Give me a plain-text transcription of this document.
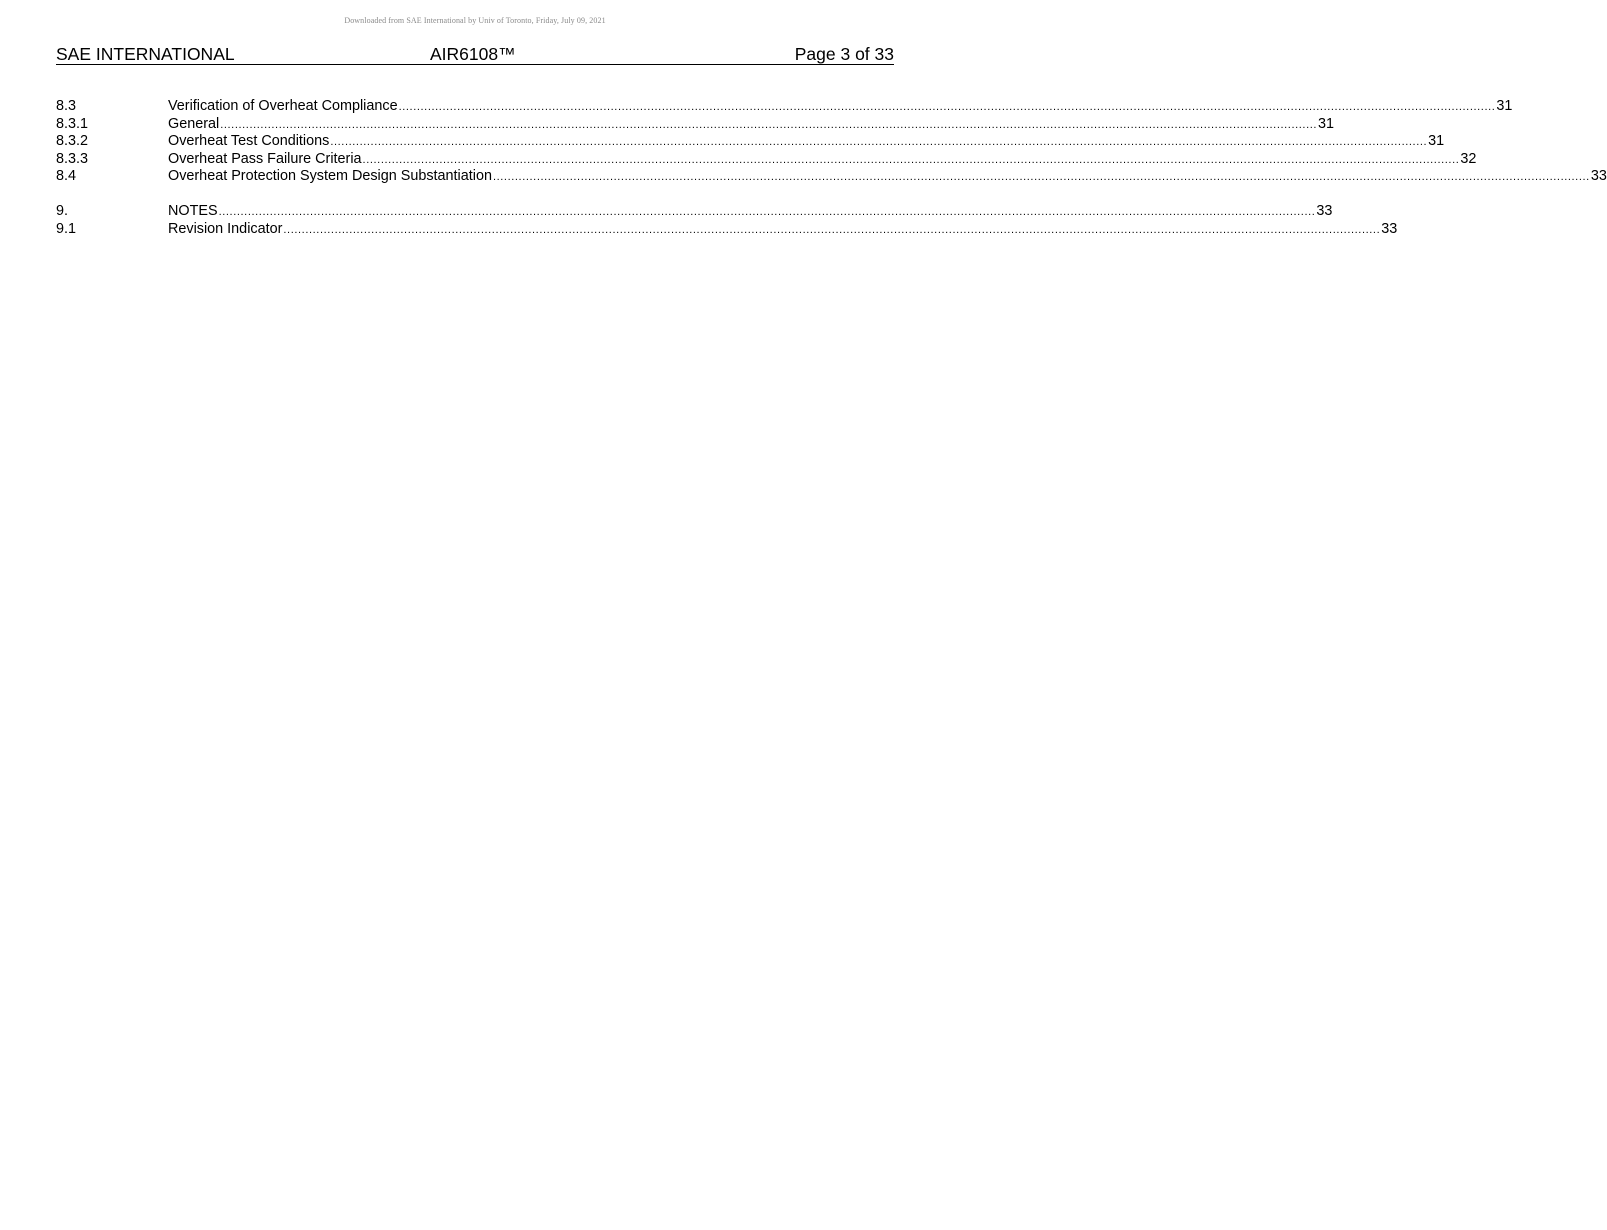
Downloaded from SAE International by Univ of Toronto, Friday, July 09, 2021
SAE INTERNATIONAL	AIR6108™	Page 3 of 33
8.3	Verification of Overheat Compliance ............................................................................................................................................................................................................................................................................................................ 31
8.3.1	General ............................................................................................................................................................................................................................................................................................................ 31
8.3.2	Overheat Test Conditions ............................................................................................................................................................................................................................................................................................................ 31
8.3.3	Overheat Pass Failure Criteria ............................................................................................................................................................................................................................................................................................................ 32
8.4	Overheat Protection System Design Substantiation ............................................................................................................................................................................................................................................................................................................ 33
9.	NOTES ............................................................................................................................................................................................................................................................................................................ 33
9.1	Revision Indicator ............................................................................................................................................................................................................................................................................................................ 33
